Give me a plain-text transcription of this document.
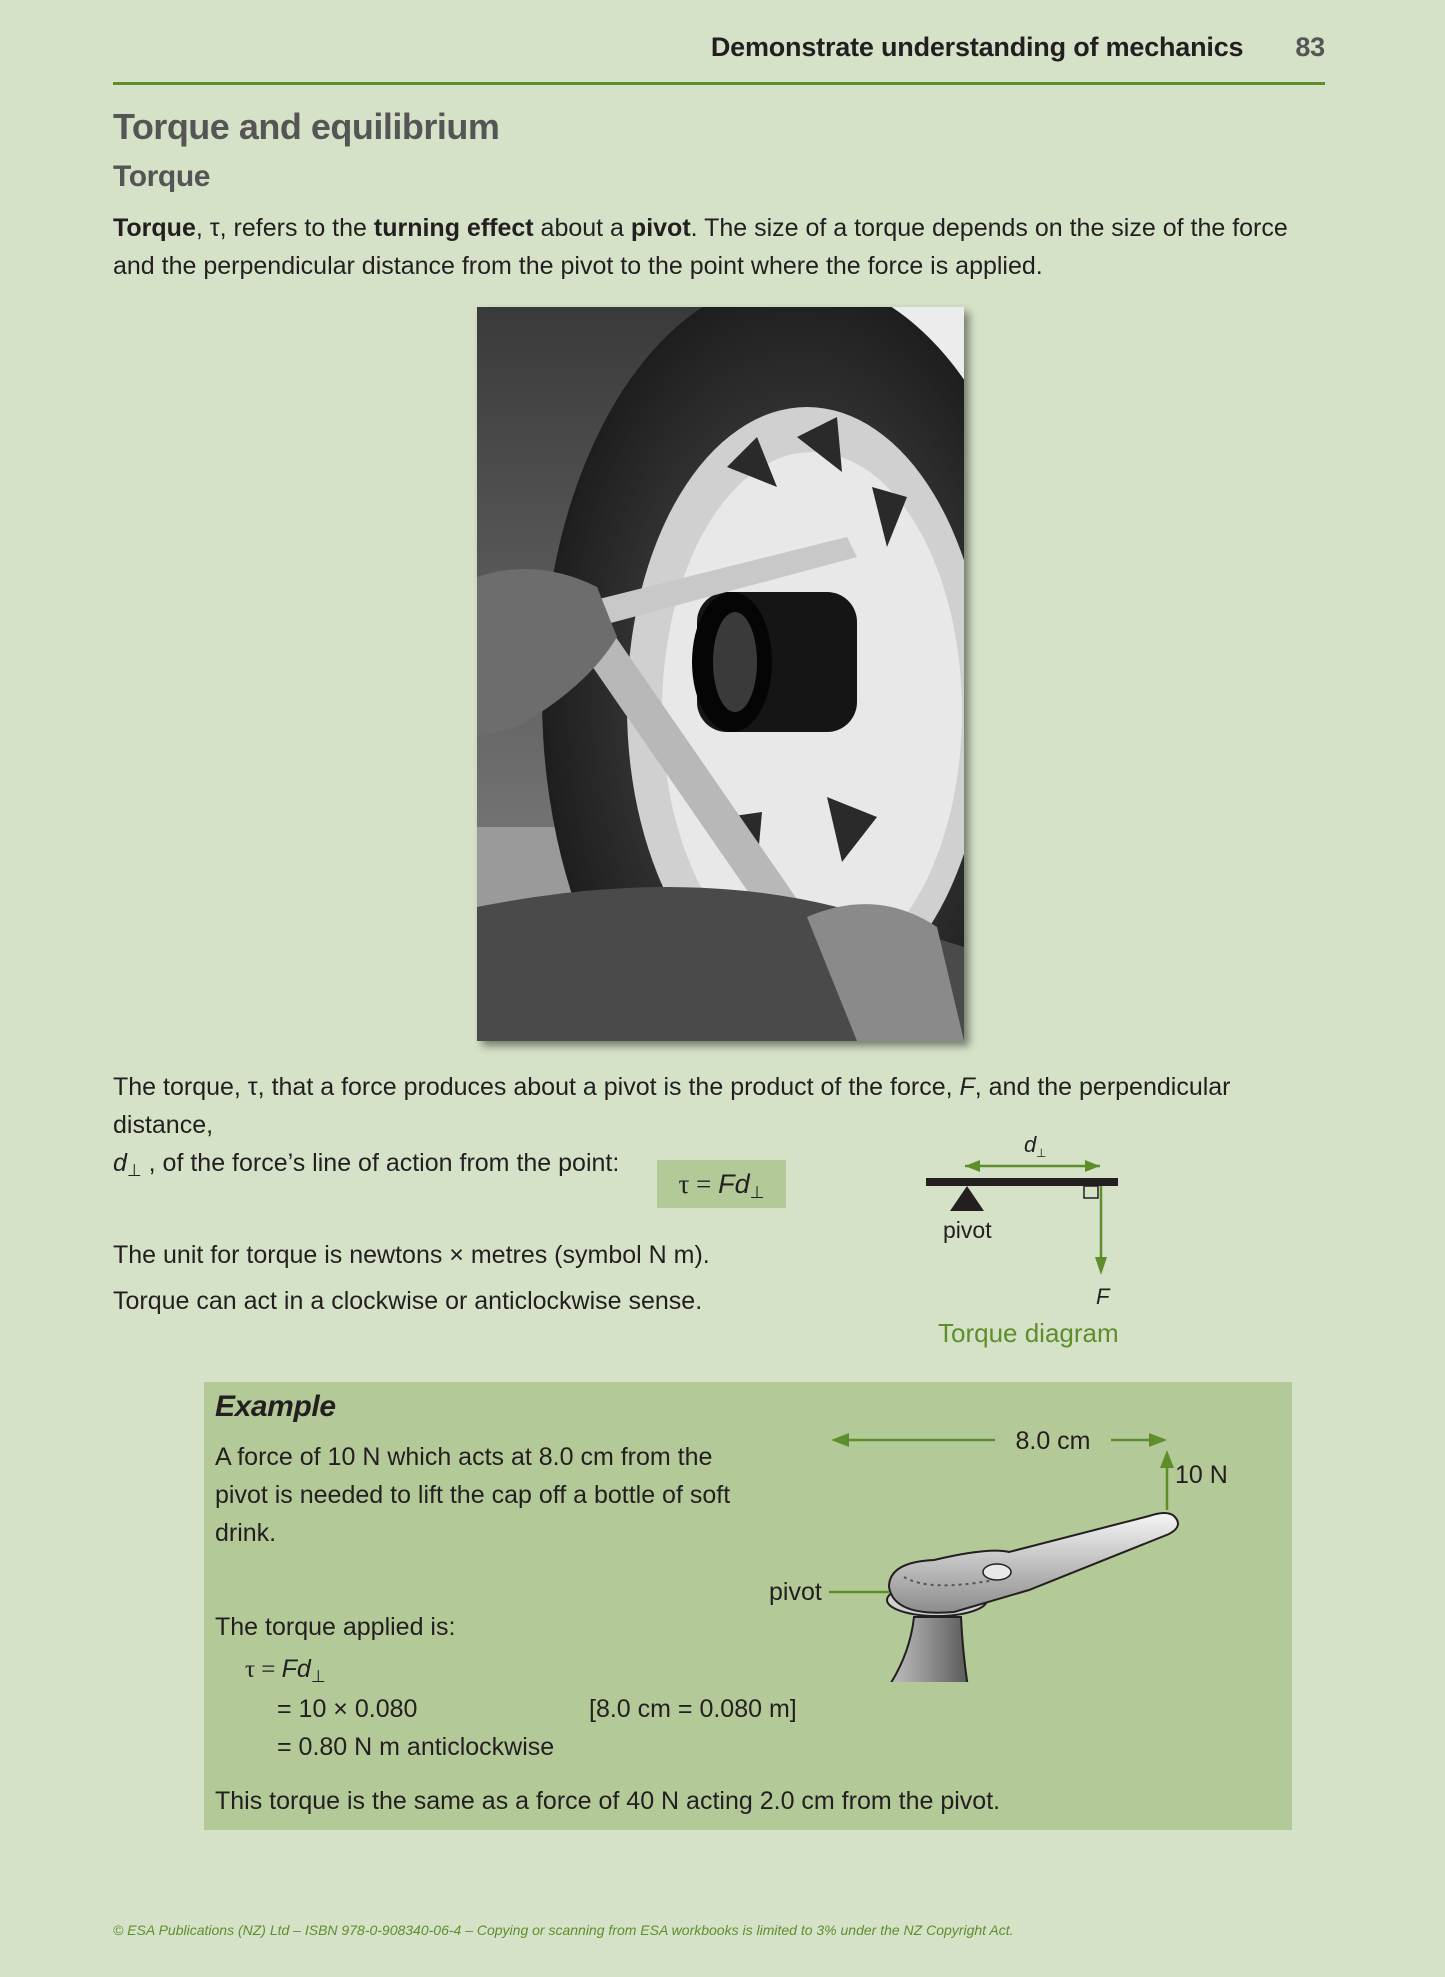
Demonstrate understanding of mechanics 83
Torque and equilibrium
Torque
Torque, τ, refers to the turning effect about a pivot. The size of a torque depends on the size of the force and the perpendicular distance from the pivot to the point where the force is applied.
The torque, τ, that a force produces about a pivot is the product of the force, F, and the perpendicular distance,
$d_\perp$ , of the force’s line of action from the point:
$\tau = Fd_\perp$
The unit for torque is newtons × metres (symbol N m).
Torque can act in a clockwise or anticlockwise sense.
d ⊥
pivot
F
Torque diagram
Example
A force of 10 N which acts at 8.0 cm from the pivot is needed to lift the cap off a bottle of soft drink.
The torque applied is:
$\tau = Fd_\perp$
= 10 × 0.080	[8.0 cm = 0.080 m]
= 0.80 N m anticlockwise
This torque is the same as a force of 40 N acting 2.0 cm from the pivot.
8.0 cm
10 N
pivot
© ESA Publications (NZ) Ltd – ISBN 978-0-908340-06-4 – Copying or scanning from ESA workbooks is limited to 3% under the NZ Copyright Act.
